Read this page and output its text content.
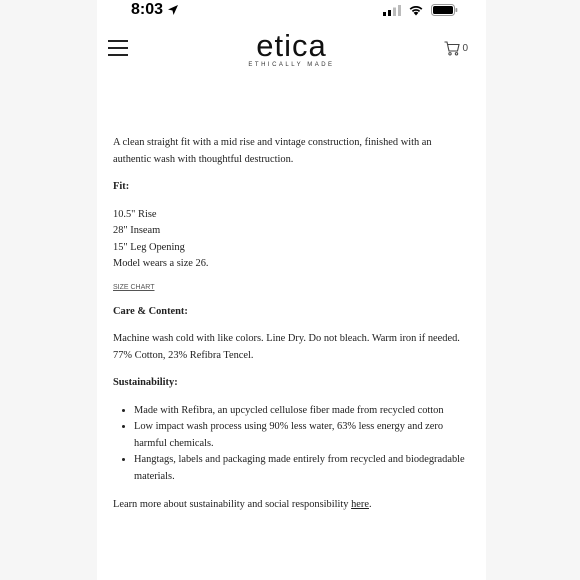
8:03
etica
ETHICALLY MADE
0

A clean straight fit with a mid rise and vintage construction, finished with an authentic wash with thoughtful destruction.

Fit:

10.5" Rise
28" Inseam
15" Leg Opening
Model wears a size 26.

SIZE CHART

Care & Content:

Machine wash cold with like colors. Line Dry. Do not bleach. Warm iron if needed.
77% Cotton, 23% Refibra Tencel.

Sustainability:

• Made with Refibra, an upcycled cellulose fiber made from recycled cotton
• Low impact wash process using 90% less water, 63% less energy and zero harmful chemicals.
• Hangtags, labels and packaging made entirely from recycled and biodegradable materials.

Learn more about sustainability and social responsibility here.
